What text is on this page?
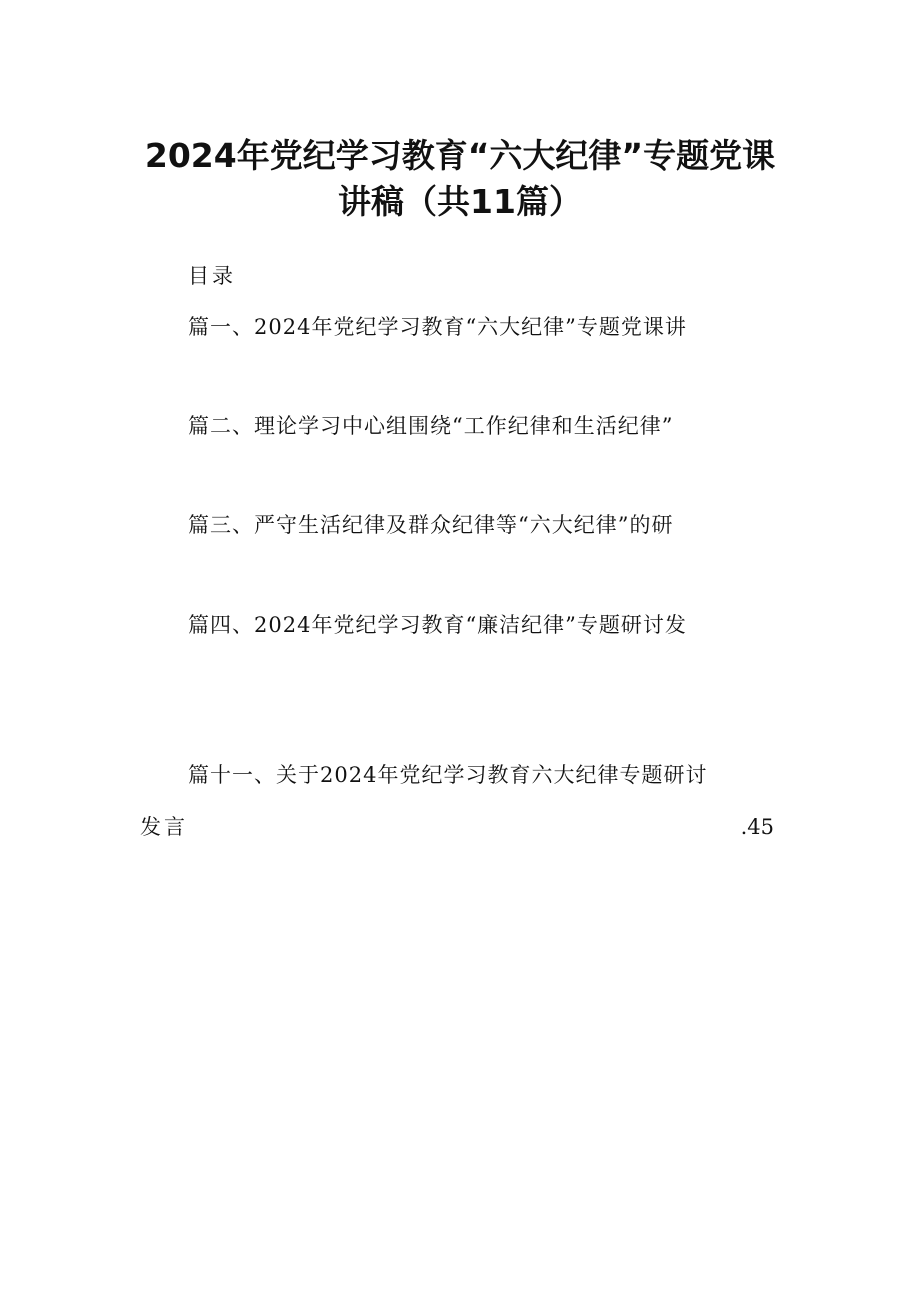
2024年党纪学习教育“六大纪律”专题党课
讲稿（共11篇）
目录
篇一、2024年党纪学习教育“六大纪律”专题党课讲
篇二、理论学习中心组围绕“工作纪律和生活纪律”
篇三、严守生活纪律及群众纪律等“六大纪律”的研
篇四、2024年党纪学习教育“廉洁纪律”专题研讨发
篇十一、关于2024年党纪学习教育六大纪律专题研讨
发言	.45
